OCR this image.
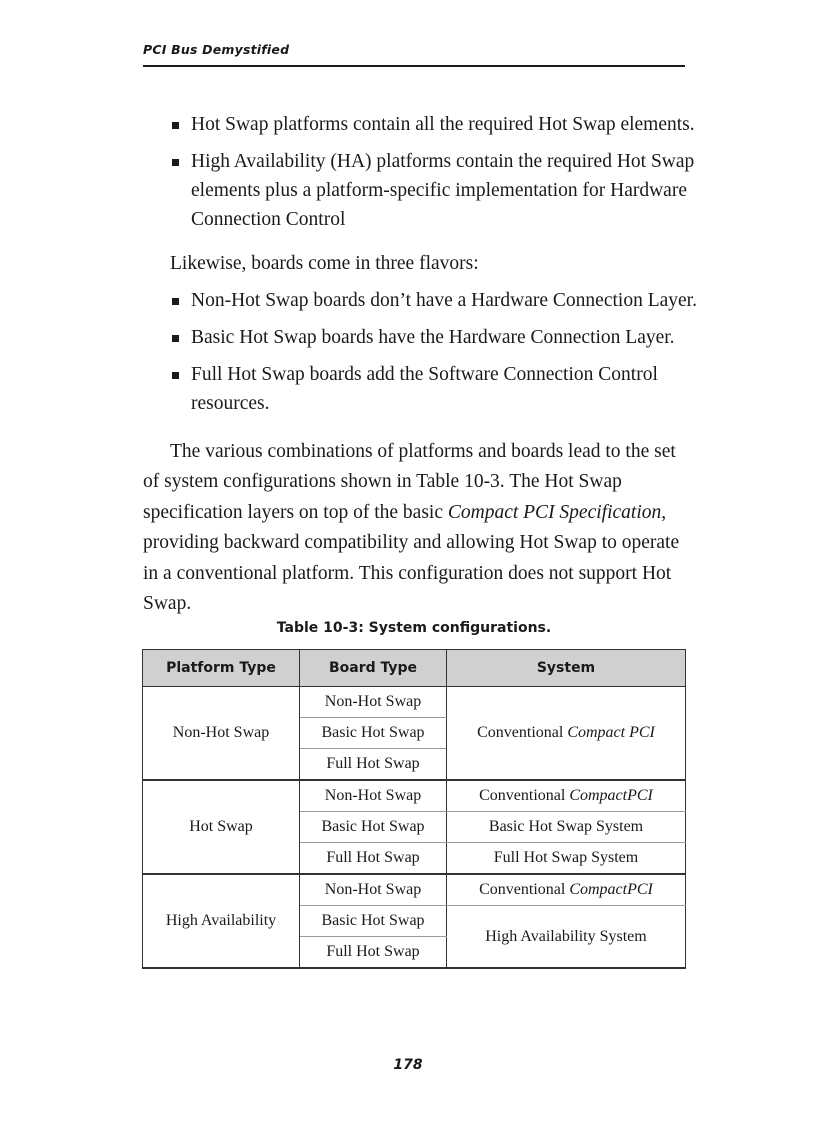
PCI Bus Demystified
Hot Swap platforms contain all the required Hot Swap elements.
High Availability (HA) platforms contain the required Hot Swap elements plus a platform-specific implementation for Hardware Connection Control

Likewise, boards come in three flavors:

Non-Hot Swap boards don’t have a Hardware Connection Layer.
Basic Hot Swap boards have the Hardware Connection Layer.
Full Hot Swap boards add the Software Connection Control resources.

The various combinations of platforms and boards lead to the set of system configurations shown in Table 10-3. The Hot Swap specification layers on top of the basic Compact PCI Specification, providing backward compatibility and allowing Hot Swap to operate in a conventional platform. This configuration does not support Hot Swap.

Table 10-3: System configurations.
Platform Type	Board Type	System
Non-Hot Swap	Non-Hot Swap	Conventional Compact PCI
	Basic Hot Swap	
	Full Hot Swap	
Hot Swap	Non-Hot Swap	Conventional CompactPCI
	Basic Hot Swap	Basic Hot Swap System
	Full Hot Swap	Full Hot Swap System
High Availability	Non-Hot Swap	Conventional CompactPCI
	Basic Hot Swap	High Availability System
	Full Hot Swap	
178
